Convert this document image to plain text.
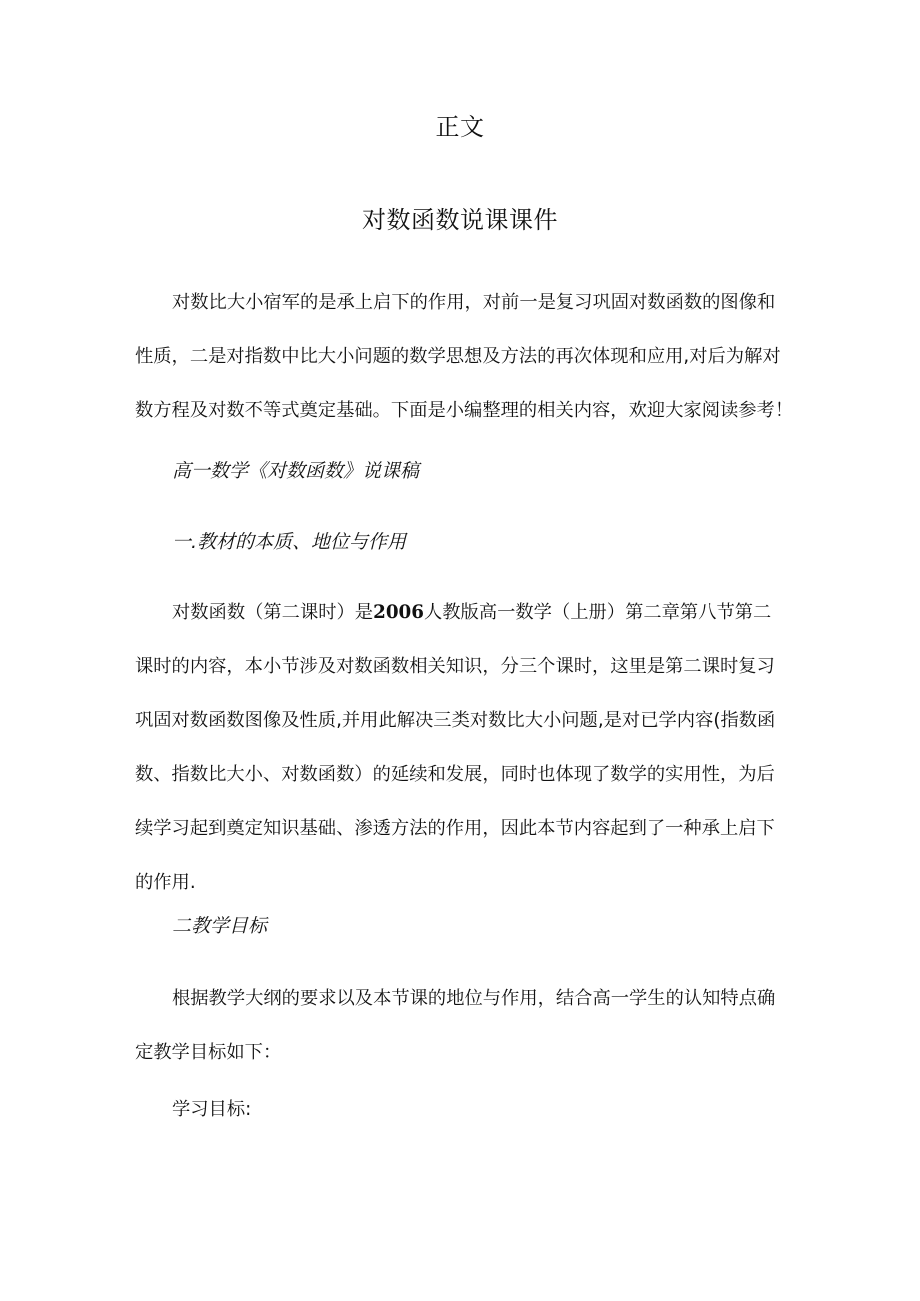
正文
对数函数说课课件
对数比大小宿军的是承上启下的作用，对前一是复习巩固对数函数的图像和
性质，二是对指数中比大小问题的数学思想及方法的再次体现和应用,对后为解对
数方程及对数不等式奠定基础。下面是小编整理的相关内容，欢迎大家阅读参考！
高一数学《对数函数》说课稿
一.教材的本质、地位与作用
对数函数（第二课时）是2006人教版高一数学（上册）第二章第八节第二
课时的内容，本小节涉及对数函数相关知识，分三个课时，这里是第二课时复习
巩固对数函数图像及性质,并用此解决三类对数比大小问题,是对已学内容(指数函
数、指数比大小、对数函数）的延续和发展，同时也体现了数学的实用性，为后
续学习起到奠定知识基础、渗透方法的作用，因此本节内容起到了一种承上启下
的作用.
二教学目标
根据教学大纲的要求以及本节课的地位与作用，结合高一学生的认知特点确
定教学目标如下：
学习目标:
